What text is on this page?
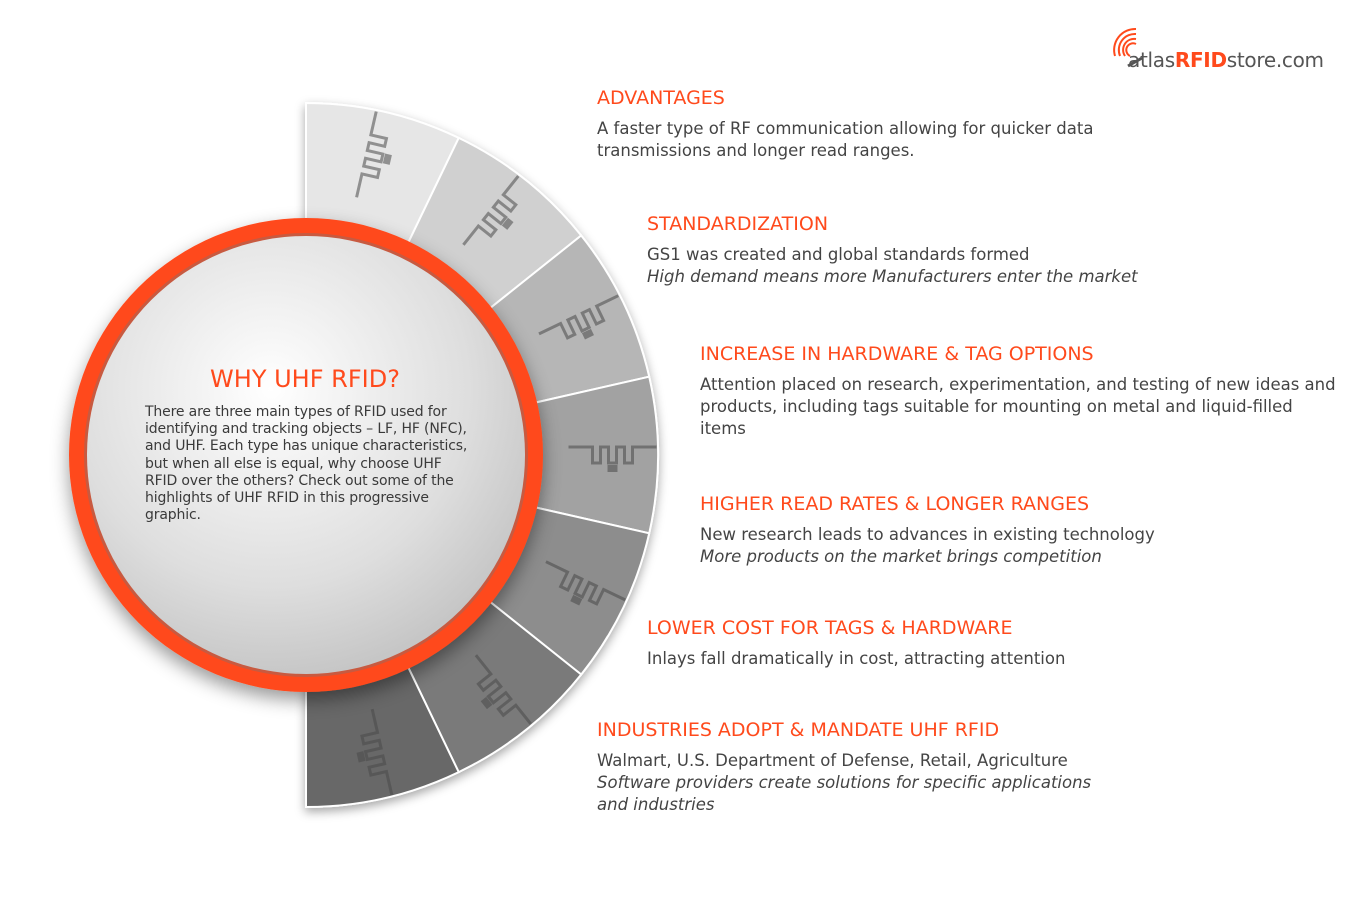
atlasRFIDstore.com
WHY UHF RFID?
There are three main types of RFID used for identifying and tracking objects – LF, HF (NFC), and UHF. Each type has unique characteristics, but when all else is equal, why choose UHF RFID over the others? Check out some of the highlights of UHF RFID in this progressive graphic.
ADVANTAGES
A faster type of RF communication allowing for quicker data transmissions and longer read ranges.
STANDARDIZATION
GS1 was created and global standards formed
High demand means more Manufacturers enter the market
INCREASE IN HARDWARE & TAG OPTIONS
Attention placed on research, experimentation, and testing of new ideas and products, including tags suitable for mounting on metal and liquid-filled items
HIGHER READ RATES & LONGER RANGES
New research leads to advances in existing technology
More products on the market brings competition
LOWER COST FOR TAGS & HARDWARE
Inlays fall dramatically in cost, attracting attention
INDUSTRIES ADOPT & MANDATE UHF RFID
Walmart, U.S. Department of Defense, Retail, Agriculture
Software providers create solutions for specific applications and industries
